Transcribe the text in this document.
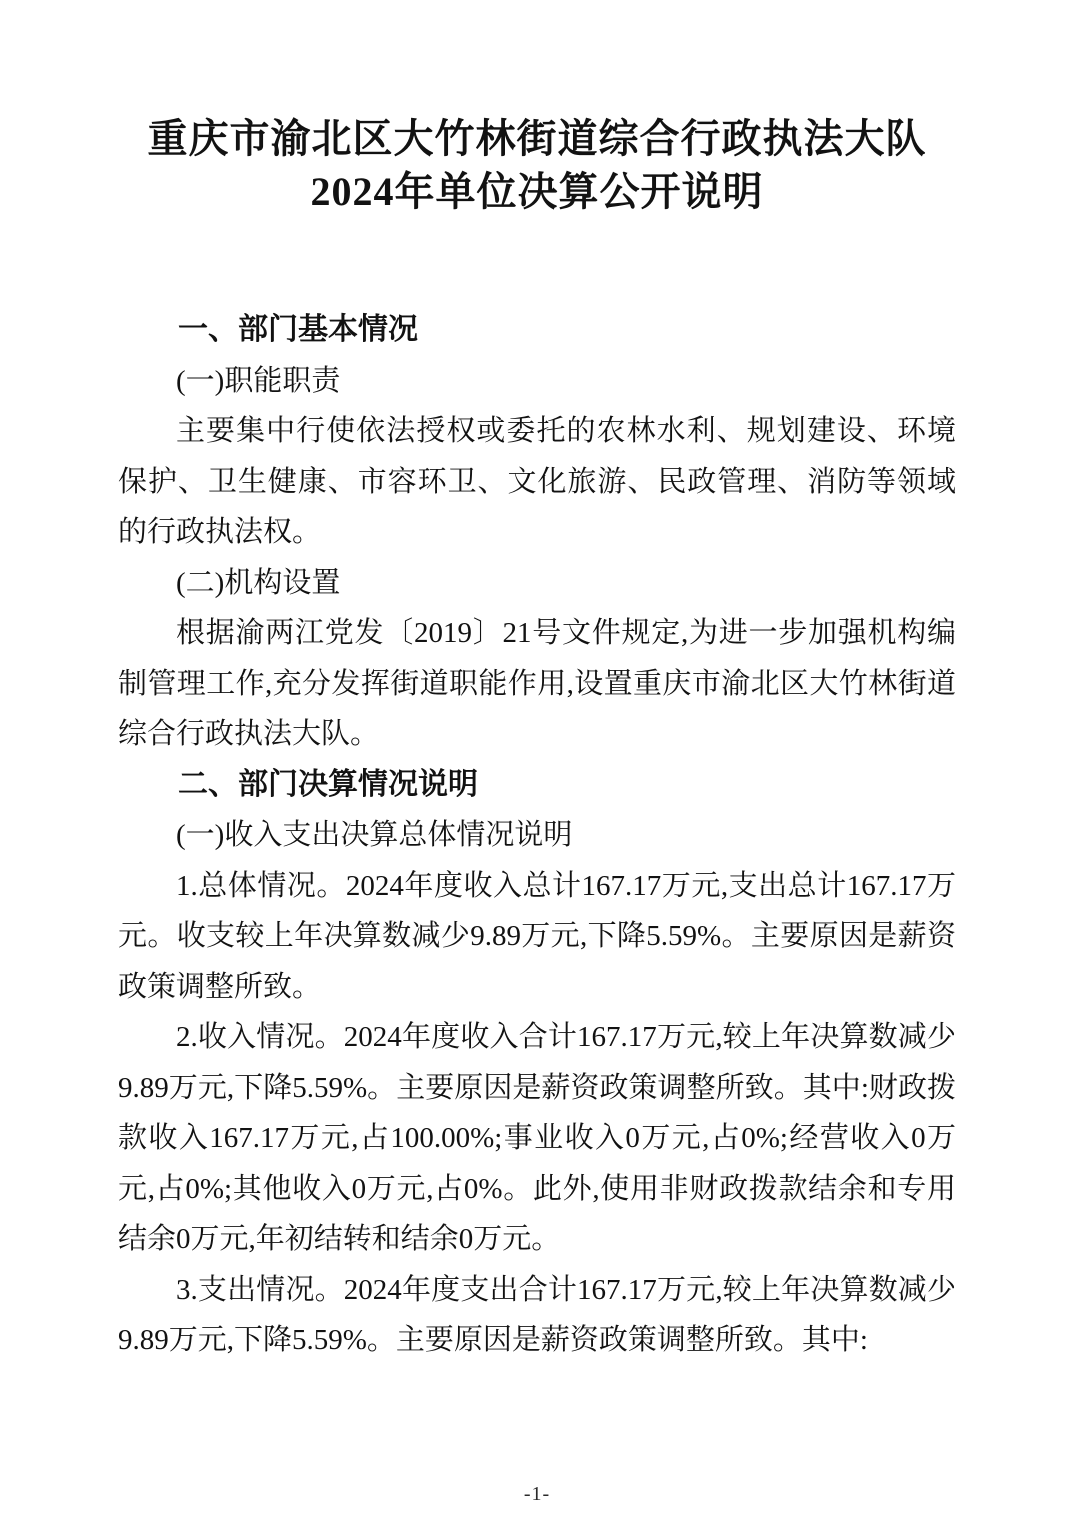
重庆市渝北区大竹林街道综合行政执法大队
2024年单位决算公开说明

一、部门基本情况

(一)职能职责

主要集中行使依法授权或委托的农林水利、规划建设、环境保护、卫生健康、市容环卫、文化旅游、民政管理、消防等领域的行政执法权。

(二)机构设置

根据渝两江党发〔2019〕21号文件规定,为进一步加强机构编制管理工作,充分发挥街道职能作用,设置重庆市渝北区大竹林街道综合行政执法大队。

二、部门决算情况说明

(一)收入支出决算总体情况说明

1.总体情况。2024年度收入总计167.17万元,支出总计167.17万元。收支较上年决算数减少9.89万元,下降5.59%。主要原因是薪资政策调整所致。

2.收入情况。2024年度收入合计167.17万元,较上年决算数减少9.89万元,下降5.59%。主要原因是薪资政策调整所致。其中:财政拨款收入167.17万元,占100.00%;事业收入0万元,占0%;经营收入0万元,占0%;其他收入0万元,占0%。此外,使用非财政拨款结余和专用结余0万元,年初结转和结余0万元。

3.支出情况。2024年度支出合计167.17万元,较上年决算数减少9.89万元,下降5.59%。主要原因是薪资政策调整所致。其中:

-1-
